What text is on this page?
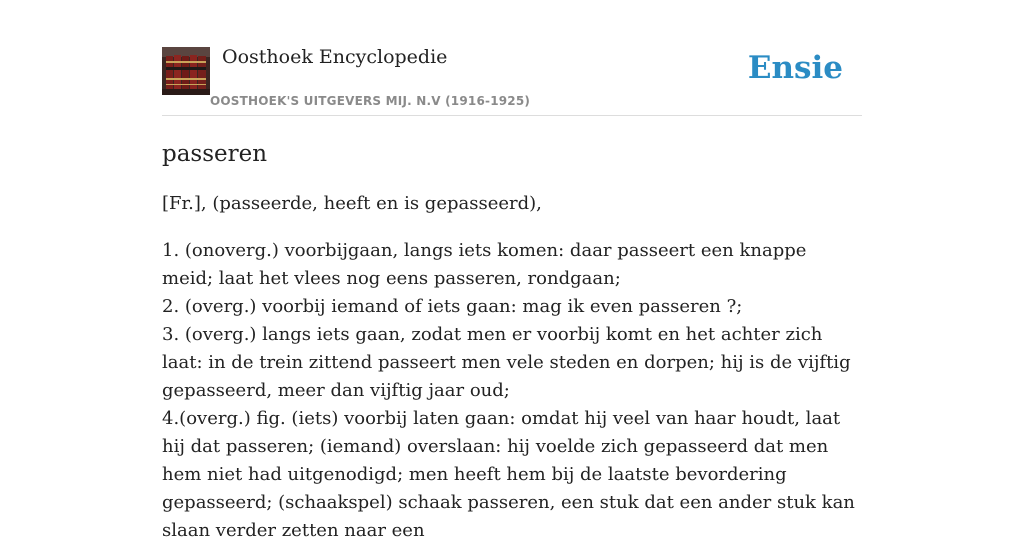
Oosthoek Encyclopedie
OOSTHOEK'S UITGEVERS MIJ. N.V (1916-1925)
Ensie
passeren

[Fr.], (passeerde, heeft en is gepasseerd),

1. (onoverg.) voorbijgaan, langs iets komen: daar passeert een knappe meid; laat het vlees nog eens passeren, rondgaan;
2. (overg.) voorbij iemand of iets gaan: mag ik even passeren ?;
3. (overg.) langs iets gaan, zodat men er voorbij komt en het achter zich laat: in de trein zittend passeert men vele steden en dorpen; hij is de vijftig gepasseerd, meer dan vijftig jaar oud;
4.(overg.) fig. (iets) voorbij laten gaan: omdat hij veel van haar houdt, laat hij dat passeren; (iemand) overslaan: hij voelde zich gepasseerd dat men hem niet had uitgenodigd; men heeft hem bij de laatste bevordering gepasseerd; (schaakspel) schaak passeren, een stuk dat een ander stuk kan slaan verder zetten naar een
